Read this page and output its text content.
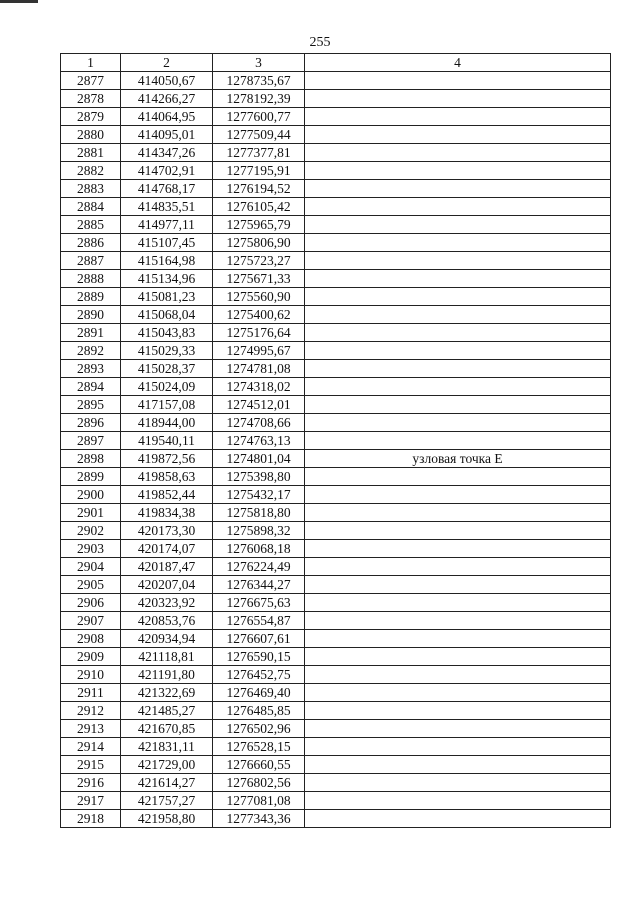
255
1	2	3	4
2877	414050,67	1278735,67	
2878	414266,27	1278192,39	
2879	414064,95	1277600,77	
2880	414095,01	1277509,44	
2881	414347,26	1277377,81	
2882	414702,91	1277195,91	
2883	414768,17	1276194,52	
2884	414835,51	1276105,42	
2885	414977,11	1275965,79	
2886	415107,45	1275806,90	
2887	415164,98	1275723,27	
2888	415134,96	1275671,33	
2889	415081,23	1275560,90	
2890	415068,04	1275400,62	
2891	415043,83	1275176,64	
2892	415029,33	1274995,67	
2893	415028,37	1274781,08	
2894	415024,09	1274318,02	
2895	417157,08	1274512,01	
2896	418944,00	1274708,66	
2897	419540,11	1274763,13	
2898	419872,56	1274801,04	узловая точка Е
2899	419858,63	1275398,80	
2900	419852,44	1275432,17	
2901	419834,38	1275818,80	
2902	420173,30	1275898,32	
2903	420174,07	1276068,18	
2904	420187,47	1276224,49	
2905	420207,04	1276344,27	
2906	420323,92	1276675,63	
2907	420853,76	1276554,87	
2908	420934,94	1276607,61	
2909	421118,81	1276590,15	
2910	421191,80	1276452,75	
2911	421322,69	1276469,40	
2912	421485,27	1276485,85	
2913	421670,85	1276502,96	
2914	421831,11	1276528,15	
2915	421729,00	1276660,55	
2916	421614,27	1276802,56	
2917	421757,27	1277081,08	
2918	421958,80	1277343,36	
